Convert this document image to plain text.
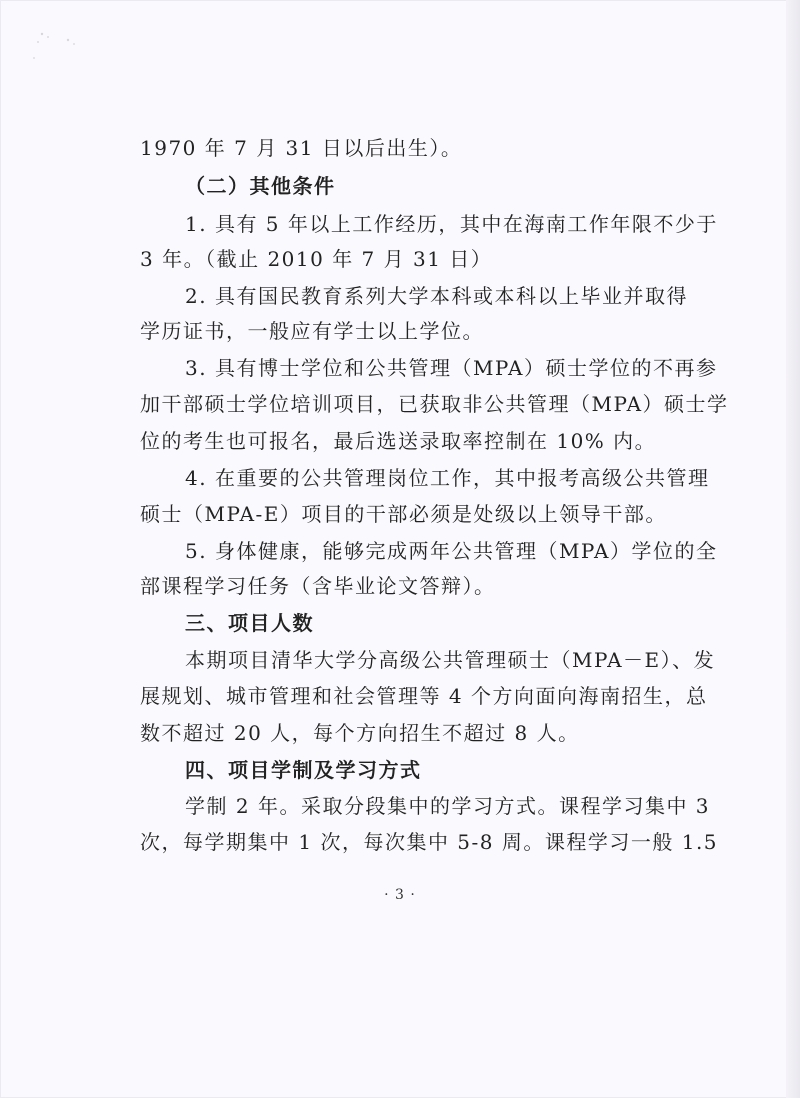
1970 年 7 月 31 日以后出生）。
（二）其他条件
1. 具有 5 年以上工作经历，其中在海南工作年限不少于
3 年。（截止 2010 年 7 月 31 日）
2. 具有国民教育系列大学本科或本科以上毕业并取得
学历证书，一般应有学士以上学位。
3. 具有博士学位和公共管理（MPA）硕士学位的不再参
加干部硕士学位培训项目，已获取非公共管理（MPA）硕士学
位的考生也可报名，最后选送录取率控制在 10% 内。
4. 在重要的公共管理岗位工作，其中报考高级公共管理
硕士（MPA-E）项目的干部必须是处级以上领导干部。
5. 身体健康，能够完成两年公共管理（MPA）学位的全
部课程学习任务（含毕业论文答辩）。
三、项目人数
本期项目清华大学分高级公共管理硕士（MPA－E）、发
展规划、城市管理和社会管理等 4 个方向面向海南招生，总
数不超过 20 人，每个方向招生不超过 8 人。
四、项目学制及学习方式
学制 2 年。采取分段集中的学习方式。课程学习集中 3
次，每学期集中 1 次，每次集中 5-8 周。课程学习一般 1.5
· 3 ·
